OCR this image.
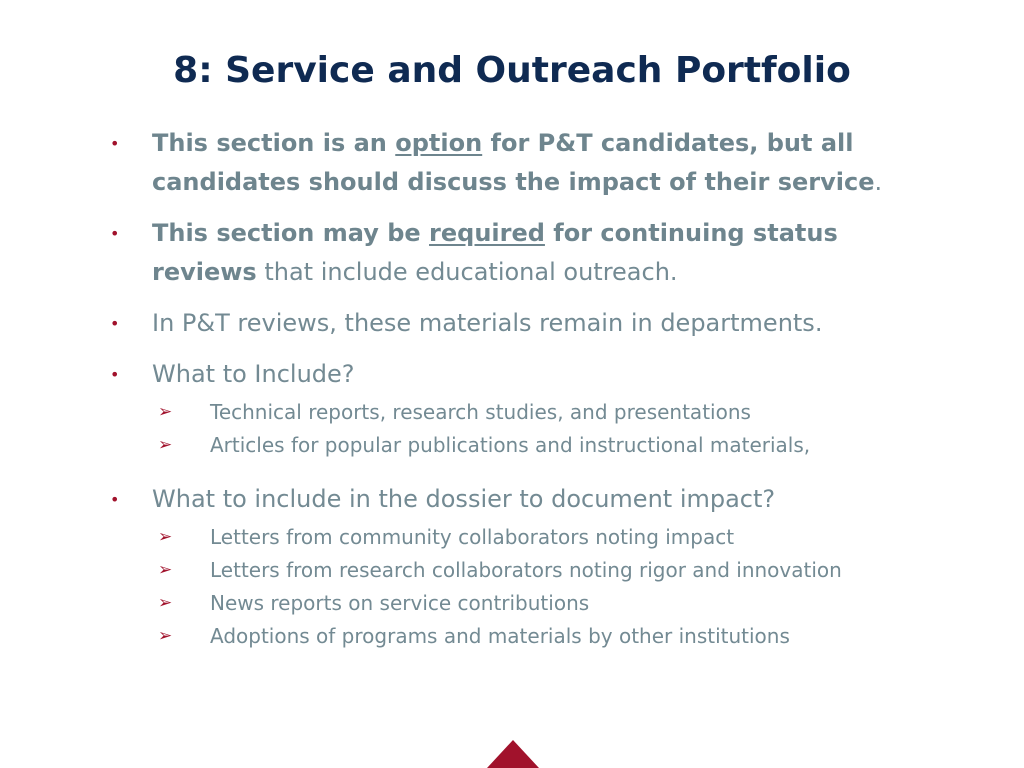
8: Service and Outreach Portfolio
• This section is an option for P&T candidates, but all candidates should discuss the impact of their service.
• This section may be required for continuing status reviews that include educational outreach.
• In P&T reviews, these materials remain in departments.
• What to Include?
➢ Technical reports, research studies, and presentations
➢ Articles for popular publications and instructional materials,
• What to include in the dossier to document impact?
➢ Letters from community collaborators noting impact
➢ Letters from research collaborators noting rigor and innovation
➢ News reports on service contributions
➢ Adoptions of programs and materials by other institutions
